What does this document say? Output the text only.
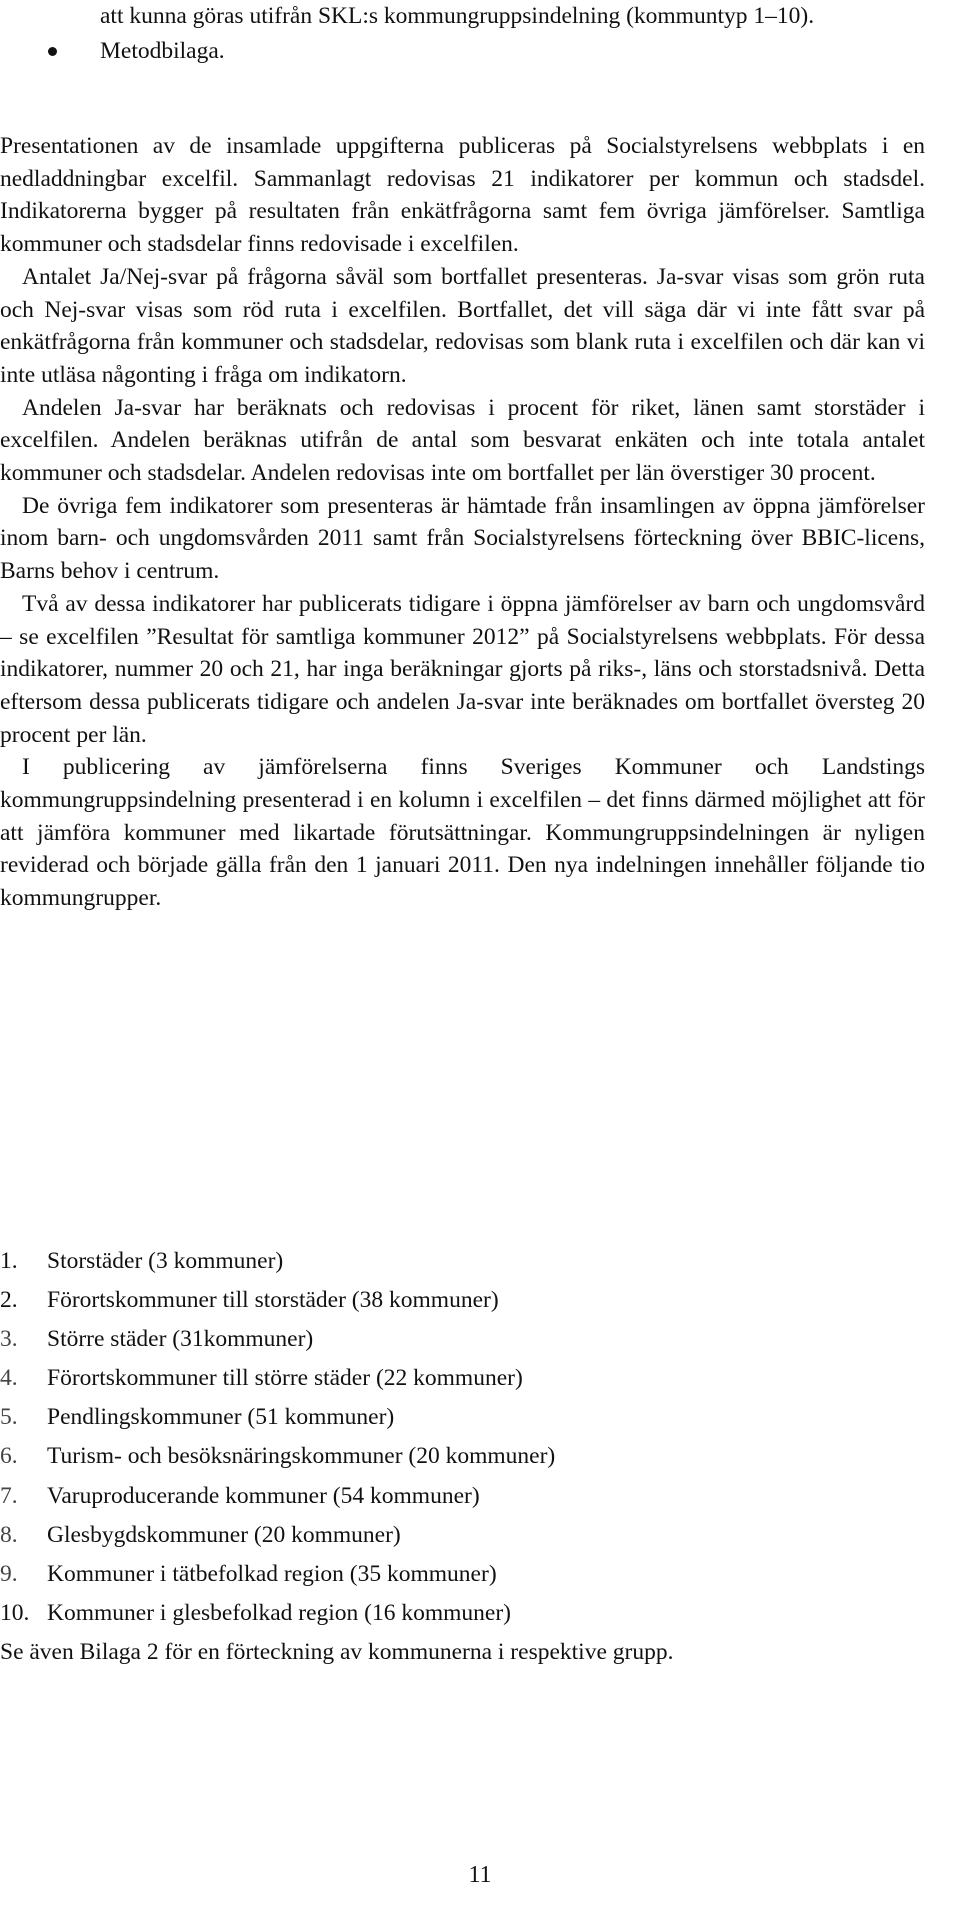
att kunna göras utifrån SKL:s kommungruppsindelning (kommuntyp 1–10).
Metodbilaga.

Presentationen av de insamlade uppgifterna publiceras på Socialstyrelsens webbplats i en nedladdningbar excelfil. Sammanlagt redovisas 21 indikatorer per kommun och stadsdel. Indikatorerna bygger på resultaten från enkätfrågorna samt fem övriga jämförelser. Samtliga kommuner och stadsdelar finns redovisade i excelfilen.

Antalet Ja/Nej-svar på frågorna såväl som bortfallet presenteras. Ja-svar visas som grön ruta och Nej-svar visas som röd ruta i excelfilen. Bortfallet, det vill säga där vi inte fått svar på enkätfrågorna från kommuner och stadsdelar, redovisas som blank ruta i excelfilen och där kan vi inte utläsa någonting i fråga om indikatorn.

Andelen Ja-svar har beräknats och redovisas i procent för riket, länen samt storstäder i excelfilen. Andelen beräknas utifrån de antal som besvarat enkäten och inte totala antalet kommuner och stadsdelar. Andelen redovisas inte om bortfallet per län överstiger 30 procent.

De övriga fem indikatorer som presenteras är hämtade från insamlingen av öppna jämförelser inom barn- och ungdomsvården 2011 samt från Socialstyrelsens förteckning över BBIC-licens, Barns behov i centrum.

Två av dessa indikatorer har publicerats tidigare i öppna jämförelser av barn och ungdomsvård – se excelfilen ”Resultat för samtliga kommuner 2012” på Socialstyrelsens webbplats. För dessa indikatorer, nummer 20 och 21, har inga beräkningar gjorts på riks-, läns och storstadsnivå. Detta eftersom dessa publicerats tidigare och andelen Ja-svar inte beräknades om bortfallet översteg 20 procent per län.

I publicering av jämförelserna finns Sveriges Kommuner och Landstings kommungruppsindelning presenterad i en kolumn i excelfilen – det finns därmed möjlighet att för att jämföra kommuner med likartade förutsättningar. Kommungruppsindelningen är nyligen reviderad och började gälla från den 1 januari 2011. Den nya indelningen innehåller följande tio kommungrupper.

1. Storstäder (3 kommuner)
2. Förortskommuner till storstäder (38 kommuner)
3. Större städer (31kommuner)
4. Förortskommuner till större städer (22 kommuner)
5. Pendlingskommuner (51 kommuner)
6. Turism- och besöksnäringskommuner (20 kommuner)
7. Varuproducerande kommuner (54 kommuner)
8. Glesbygdskommuner (20 kommuner)
9. Kommuner i tätbefolkad region (35 kommuner)
10. Kommuner i glesbefolkad region (16 kommuner)

Se även Bilaga 2 för en förteckning av kommunerna i respektive grupp.

11
